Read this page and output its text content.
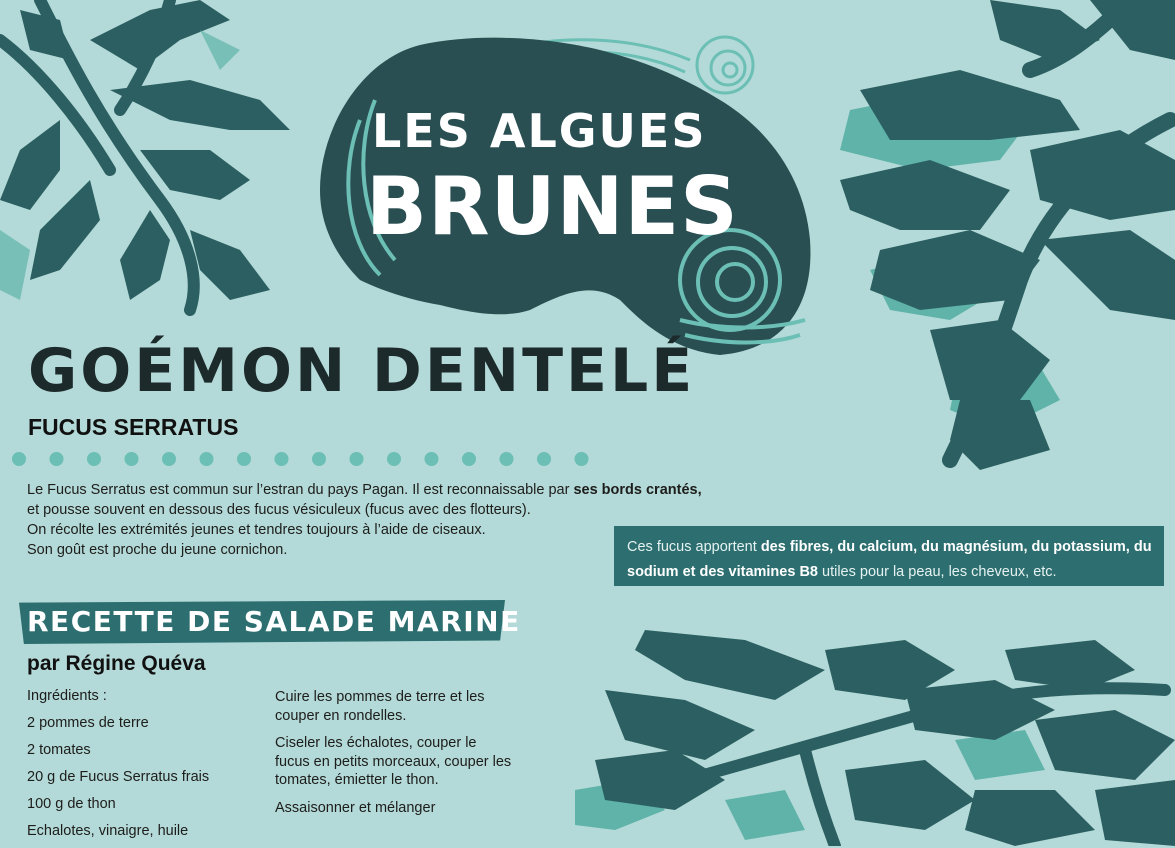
LES ALGUES
BRUNES
GOÉMON DENTELÉ
FUCUS SERRATUS

Le Fucus Serratus est commun sur l’estran du pays Pagan. Il est reconnaissable par ses bords crantés,

et pousse souvent en dessous des fucus vésiculeux (fucus avec des flotteurs).

On récolte les extrémités jeunes et tendres toujours à l’aide de ciseaux.

Son goût est proche du jeune cornichon.	Ces fucus apportent des fibres, du calcium, du magnésium, du potassium, du sodium et des vitamines B8 utiles pour la peau, les cheveux, etc.
RECETTE DE SALADE MARINE
par Régine Quéva
Ingrédients :
2 pommes de terre
2 tomates
20 g de Fucus Serratus frais
100 g de thon
Echalotes, vinaigre, huile

Cuire les pommes de terre et les couper en rondelles.

Ciseler les échalotes, couper le fucus en petits morceaux, couper les tomates, émietter le thon.

Assaisonner et mélanger
